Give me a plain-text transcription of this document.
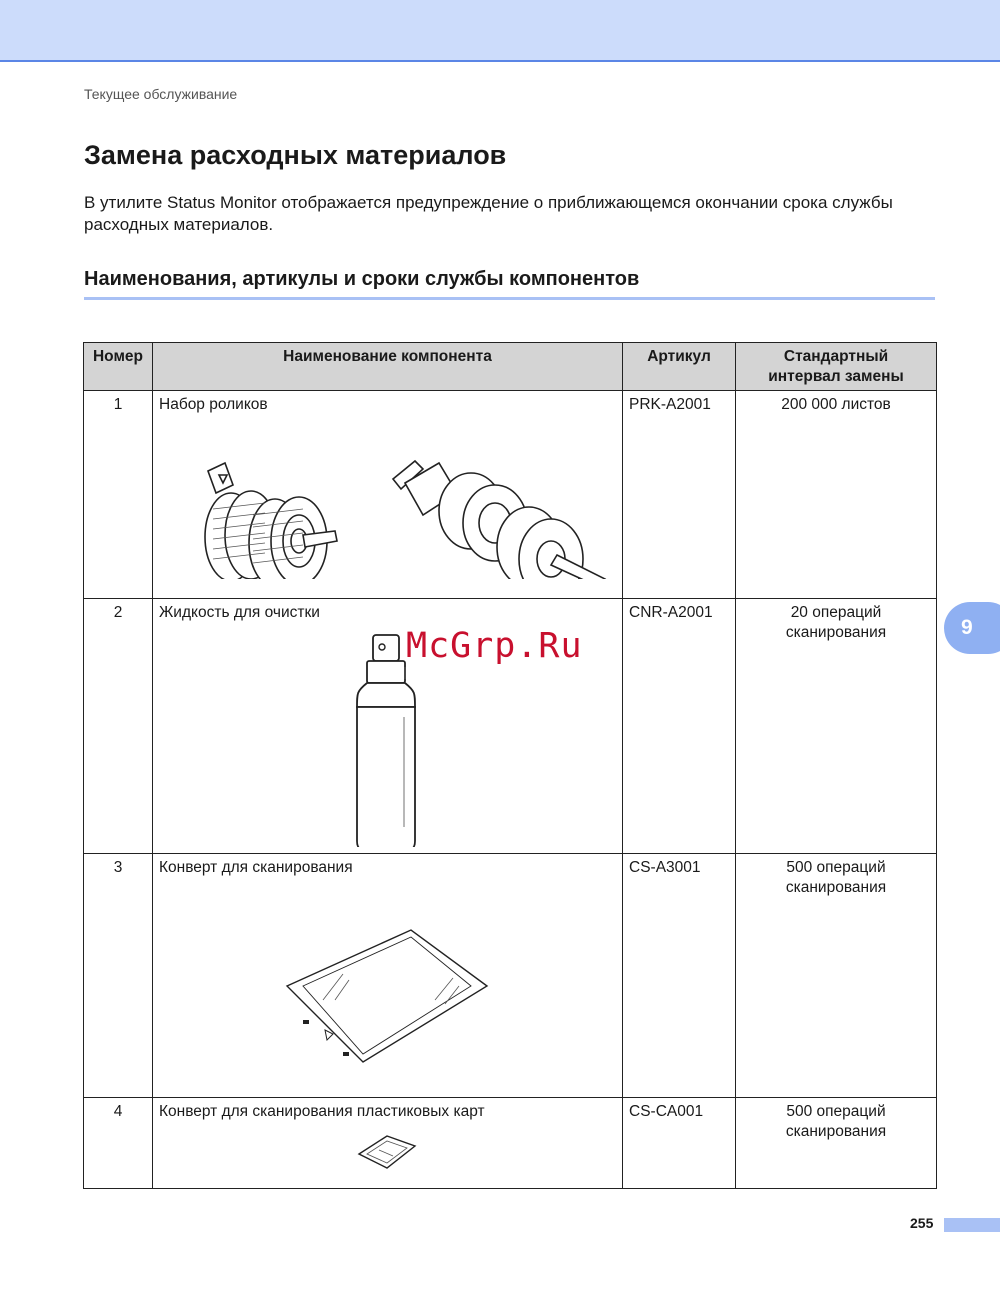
Текущее обслуживание
Замена расходных материалов

В утилите Status Monitor отображается предупреждение о приближающемся окончании срока службы расходных материалов.

Наименования, артикулы и сроки службы компонентов
Номер	Наименование компонента	Артикул	Стандартный
интервал замены

1	Набор роликов	PRK-A2001	200 000 листов

2	Жидкость для очистки	CNR-A2001	20 операций
сканирования

3	Конверт для сканирования	CS-A3001	500 операций
сканирования

4	Конверт для сканирования пластиковых карт	CS-CA001	500 операций
сканирования
McGrp.Ru	9
255
